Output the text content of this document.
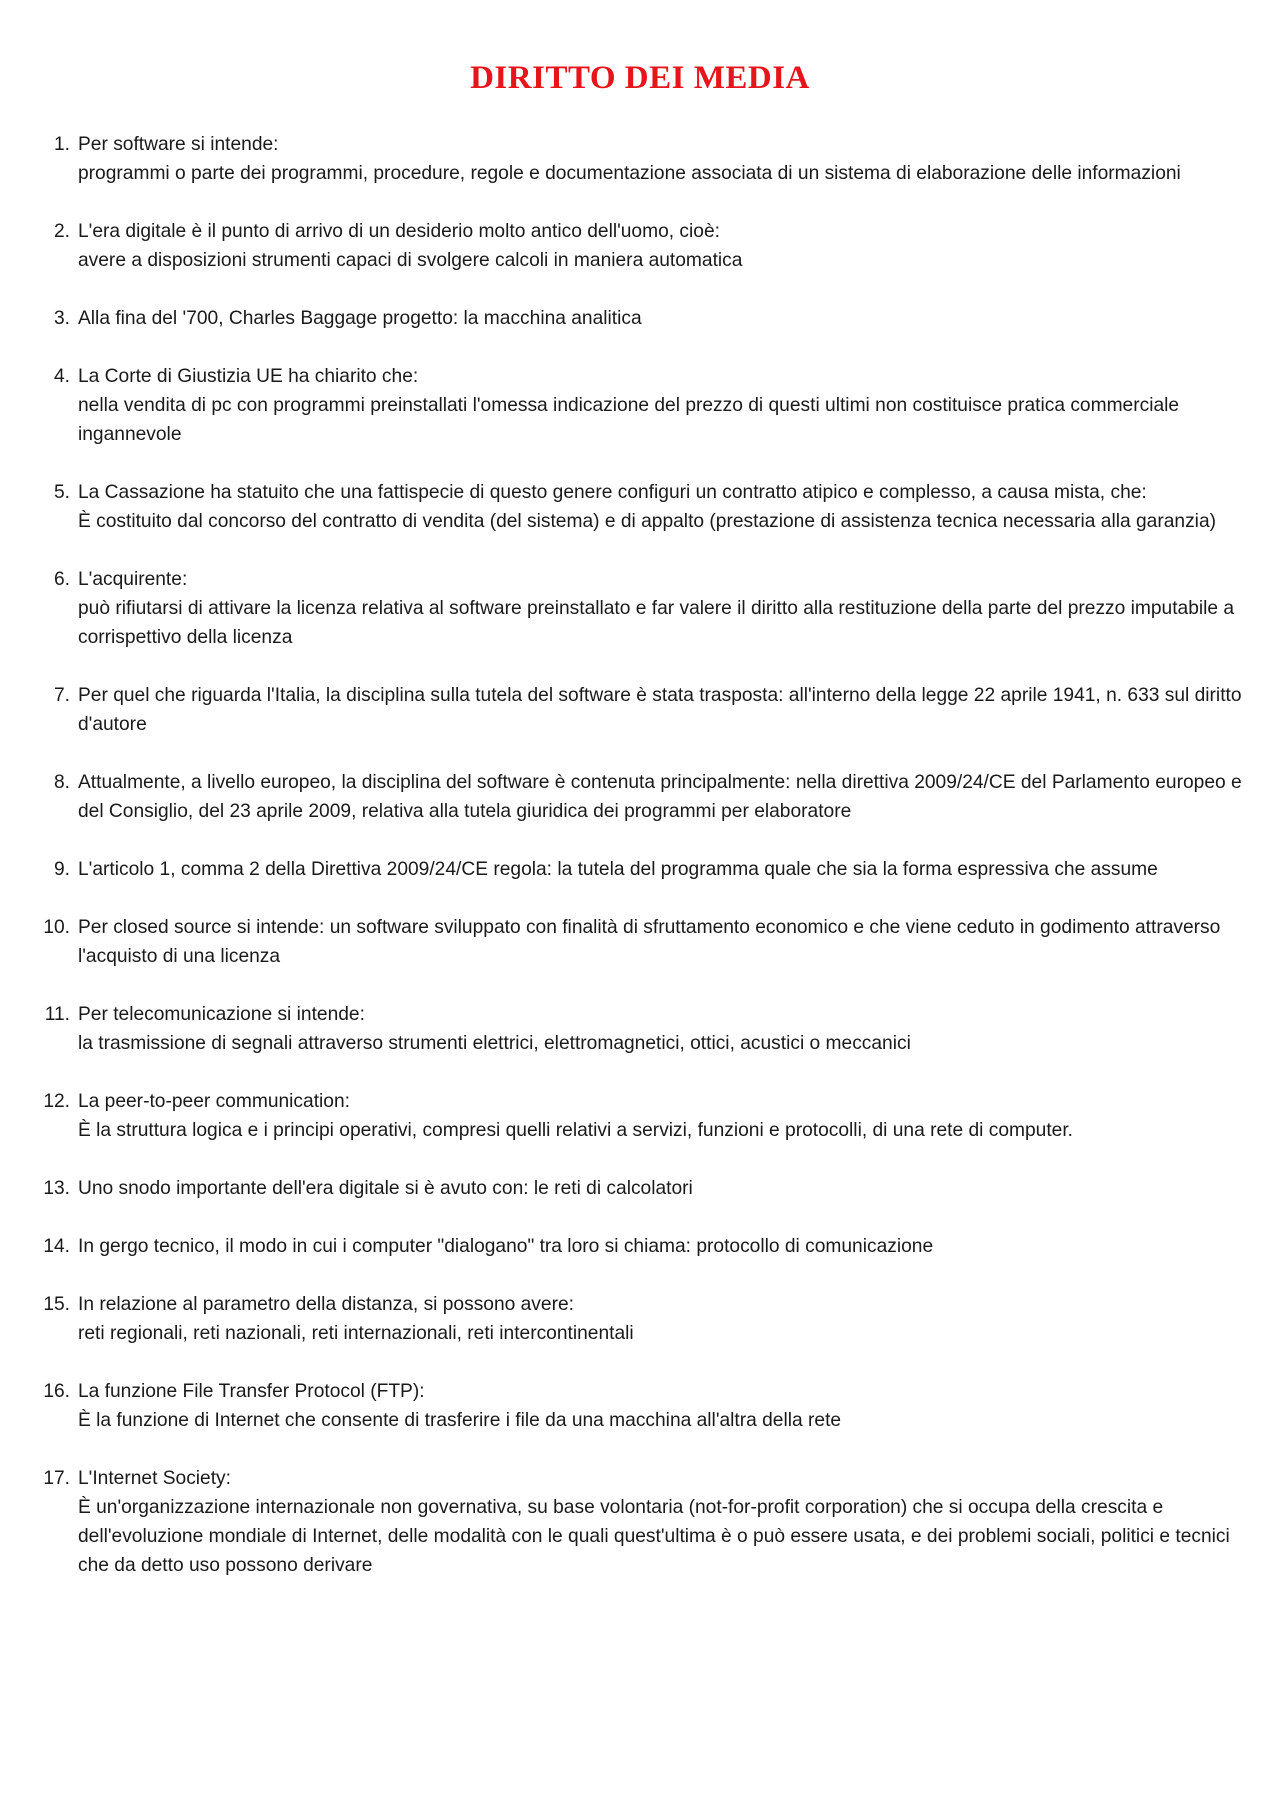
DIRITTO DEI MEDIA
1. Per software si intende:
programmi o parte dei programmi, procedure, regole e documentazione associata di un sistema di elaborazione delle informazioni
2. L'era digitale è il punto di arrivo di un desiderio molto antico dell'uomo, cioè:
avere a disposizioni strumenti capaci di svolgere calcoli in maniera automatica
3. Alla fina del '700, Charles Baggage progetto: la macchina analitica
4. La Corte di Giustizia UE ha chiarito che:
nella vendita di pc con programmi preinstallati l'omessa indicazione del prezzo di questi ultimi non costituisce pratica commerciale ingannevole
5. La Cassazione ha statuito che una fattispecie di questo genere configuri un contratto atipico e complesso, a causa mista, che:
È costituito dal concorso del contratto di vendita (del sistema) e di appalto (prestazione di assistenza tecnica necessaria alla garanzia)
6. L'acquirente:
può rifiutarsi di attivare la licenza relativa al software preinstallato e far valere il diritto alla restituzione della parte del prezzo imputabile a corrispettivo della licenza
7. Per quel che riguarda l'Italia, la disciplina sulla tutela del software è stata trasposta: all'interno della legge 22 aprile 1941, n. 633 sul diritto d'autore
8. Attualmente, a livello europeo, la disciplina del software è contenuta principalmente: nella direttiva 2009/24/CE del Parlamento europeo e del Consiglio, del 23 aprile 2009, relativa alla tutela giuridica dei programmi per elaboratore
9. L'articolo 1, comma 2 della Direttiva 2009/24/CE regola: la tutela del programma quale che sia la forma espressiva che assume
10. Per closed source si intende: un software sviluppato con finalità di sfruttamento economico e che viene ceduto in godimento attraverso l'acquisto di una licenza
11. Per telecomunicazione si intende:
la trasmissione di segnali attraverso strumenti elettrici, elettromagnetici, ottici, acustici o meccanici
12. La peer-to-peer communication:
È la struttura logica e i principi operativi, compresi quelli relativi a servizi, funzioni e protocolli, di una rete di computer.
13. Uno snodo importante dell'era digitale si è avuto con: le reti di calcolatori
14. In gergo tecnico, il modo in cui i computer "dialogano" tra loro si chiama: protocollo di comunicazione
15. In relazione al parametro della distanza, si possono avere:
reti regionali, reti nazionali, reti internazionali, reti intercontinentali
16. La funzione File Transfer Protocol (FTP):
È la funzione di Internet che consente di trasferire i file da una macchina all'altra della rete
17. L'Internet Society:
È un'organizzazione internazionale non governativa, su base volontaria (not-for-profit corporation) che si occupa della crescita e dell'evoluzione mondiale di Internet, delle modalità con le quali quest'ultima è o può essere usata, e dei problemi sociali, politici e tecnici che da detto uso possono derivare
